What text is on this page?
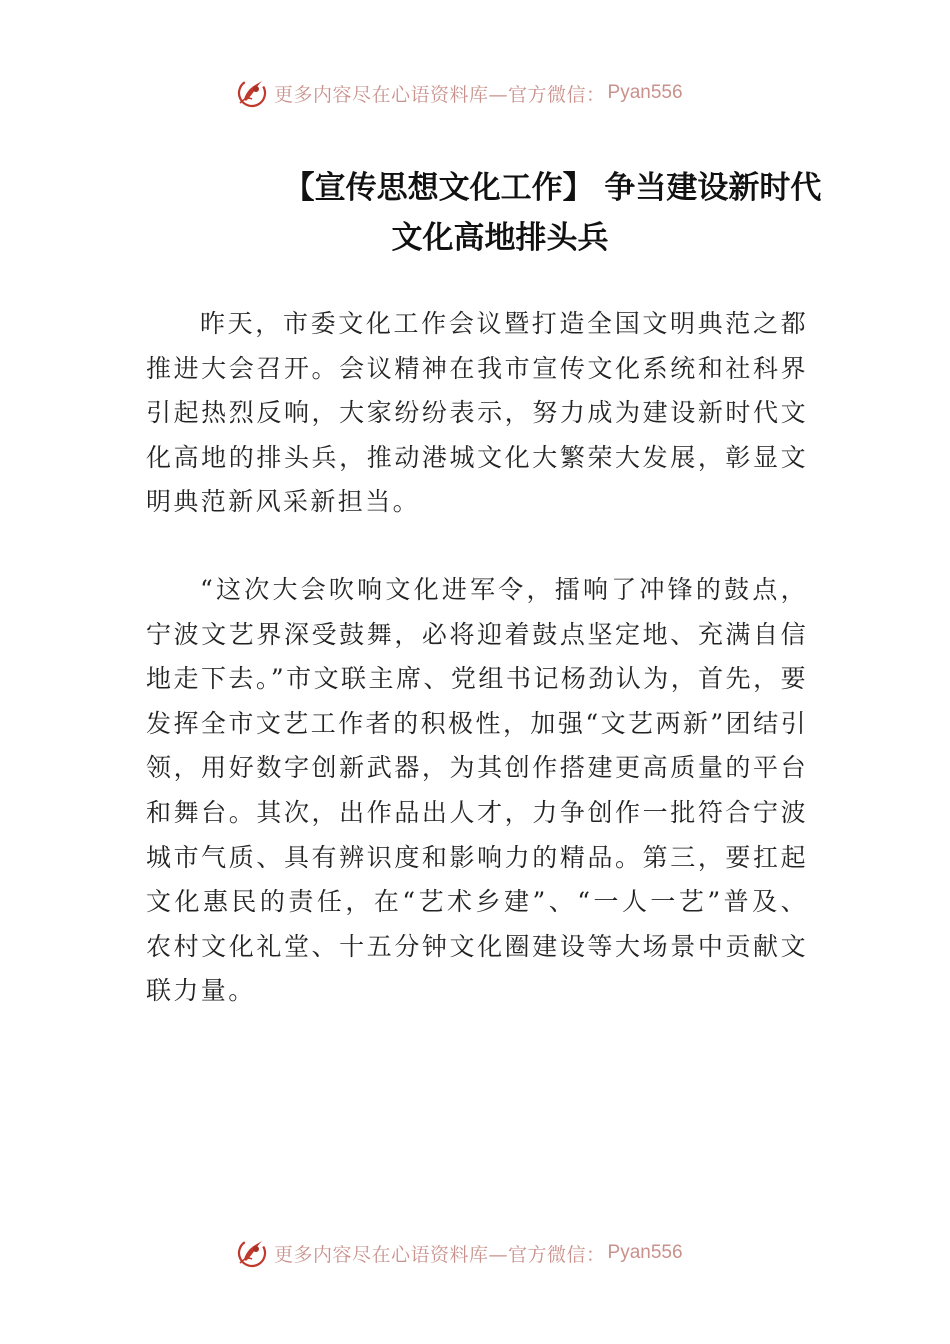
更多内容尽在心语资料库—官方微信： Pyan556
【宣传思想文化工作】 争当建设新时代
文化高地排头兵

昨天，市委文化工作会议暨打造全国文明典范之都推进大会召开。会议精神在我市宣传文化系统和社科界引起热烈反响，大家纷纷表示，努力成为建设新时代文化高地的排头兵，推动港城文化大繁荣大发展，彰显文明典范新风采新担当。

“这次大会吹响文化进军令，擂响了冲锋的鼓点，宁波文艺界深受鼓舞，必将迎着鼓点坚定地、充满自信地走下去。”市文联主席、党组书记杨劲认为，首先，要发挥全市文艺工作者的积极性，加强“文艺两新”团结引领，用好数字创新武器，为其创作搭建更高质量的平台和舞台。其次，出作品出人才，力争创作一批符合宁波城市气质、具有辨识度和影响力的精品。第三，要扛起文化惠民的责任，在“艺术乡建”、“一人一艺”普及、农村文化礼堂、十五分钟文化圈建设等大场景中贡献文联力量。

更多内容尽在心语资料库—官方微信： Pyan556
